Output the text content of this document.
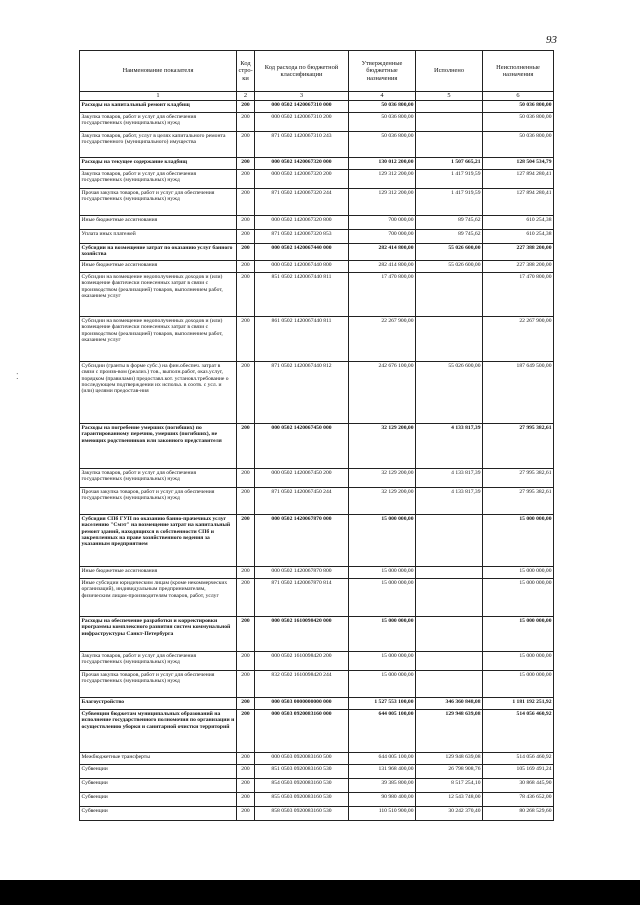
93
Наименование показателя	Код стро- ки	Код расхода по бюджетной классификации	Утвержденные бюджетные назначения	Исполнено	Неисполненные назначения
1	2	3	4	5	6
Расходы на капитальный ремонт кладбищ	200	000 0502 1420067310 000	50 036 800,00		50 036 800,00
Закупка товаров, работ и услуг для обеспечения государственных (муниципальных) нужд	200	000 0502 1420067310 200	50 036 800,00		50 036 800,00
Закупка товаров, работ, услуг в целях капитального ремонта государственного (муниципального) имущества	200	871 0502 1420067310 243	50 036 800,00		50 036 800,00
Расходы на текущее содержание кладбищ	200	000 0502 1420067320 000	130 012 200,00	1 507 665,21	128 504 534,79
Закупка товаров, работ и услуг для обеспечения государственных (муниципальных) нужд	200	000 0502 1420067320 200	129 312 200,00	1 417 919,59	127 894 280,41
Прочая закупка товаров, работ и услуг для обеспечения государственных (муниципальных) нужд	200	871 0502 1420067320 244	129 312 200,00	1 417 919,59	127 894 280,41
Иные бюджетные ассигнования	200	000 0502 1420067320 800	700 000,00	89 745,62	610 254,38
Уплата иных платежей	200	871 0502 1420067320 853	700 000,00	89 745,62	610 254,38
Субсидии на возмещение затрат по оказанию услуг банного хозяйства	200	000 0502 1420067440 000	282 414 800,00	55 026 600,00	227 388 200,00
Иные бюджетные ассигнования	200	000 0502 1420067440 800	282 414 800,00	55 026 600,00	227 388 200,00
Субсидии на возмещение недополученных доходов и (или) возмещение фактически понесенных затрат в связи с производством (реализацией) товаров, выполнением работ, оказанием услуг	200	851 0502 1420067440 811	17 470 800,00		17 470 800,00
Субсидии на возмещение недополученных доходов и (или) возмещение фактически понесенных затрат в связи с производством (реализацией) товаров, выполнением работ, оказанием услуг	200	861 0502 1420067440 811	22 267 900,00		22 267 900,00
Субсидии (гранты в форме субс.) на фин.обеспеч. затрат в связи с произв-вом (реализ.) тов., выполн.работ, оказ.услуг, порядком (правилами) предоставл.кот. установл.требование о последующем подтверждении их использ. в соотв. с усл. и (или) целями предостав-ния	200	871 0502 1420067440 812	242 676 100,00	55 026 600,00	187 649 500,00
Расходы на погребение умерших (погибших) по гарантированному перечню, умерших (погибших), не имеющих родственников или законного представителя	200	000 0502 1420067450 000	32 129 200,00	4 133 817,39	27 995 382,61
Закупка товаров, работ и услуг для обеспечения государственных (муниципальных) нужд	200	000 0502 1420067450 200	32 129 200,00	4 133 817,39	27 995 382,61
Прочая закупка товаров, работ и услуг для обеспечения государственных (муниципальных) нужд	200	871 0502 1420067450 244	32 129 200,00	4 133 817,39	27 995 382,61
Субсидия СПб ГУП по оказанию банно-прачечных услуг населению "Смэт" на возмещение затрат на капитальный ремонт зданий, находящихся в собственности СПб и закрепленных на праве хозяйственного ведения за указанным предприятием	200	000 0502 1420067870 000	15 000 000,00		15 000 000,00
Иные бюджетные ассигнования	200	000 0502 1420067870 800	15 000 000,00		15 000 000,00
Иные субсидии юридическим лицам (кроме некоммерческих организаций), индивидуальным предпринимателям, физическим лицам-производителям товаров, работ, услуг	200	871 0502 1420067870 814	15 000 000,00		15 000 000,00
Расходы на обеспечение разработки и корректировки программы комплексного развития систем коммунальной инфраструктуры Санкт-Петербурга	200	000 0502 1610098420 000	15 000 000,00		15 000 000,00
Закупка товаров, работ и услуг для обеспечения государственных (муниципальных) нужд	200	000 0502 1610098420 200	15 000 000,00		15 000 000,00
Прочая закупка товаров, работ и услуг для обеспечения государственных (муниципальных) нужд	200	832 0502 1610098420 244	15 000 000,00		15 000 000,00
Благоустройство	200	000 0503 0000000000 000	1 527 553 100,00	346 360 848,08	1 181 192 251,92
Субвенции бюджетам муниципальных образований на исполнение государственного полномочия по организации и осуществлению уборки и санитарной очистки территорий	200	000 0503 0920083160 000	644 005 100,00	129 948 639,08	514 056 460,92
Межбюджетные трансферты	200	000 0503 0920083160 500	644 005 100,00	129 948 639,08	514 056 460,92
Субвенции	200	851 0503 0920083160 530	131 968 400,00	26 798 908,76	105 169 491,24
Субвенции	200	854 0503 0920083160 530	39 385 800,00	8 517 254,10	30 868 445,90
Субвенции	200	855 0503 0920083160 530	90 980 400,00	12 543 748,00	78 436 652,00
Субвенции	200	858 0503 0920083160 530	110 510 900,00	30 242 370,40	80 268 529,60
⁚
